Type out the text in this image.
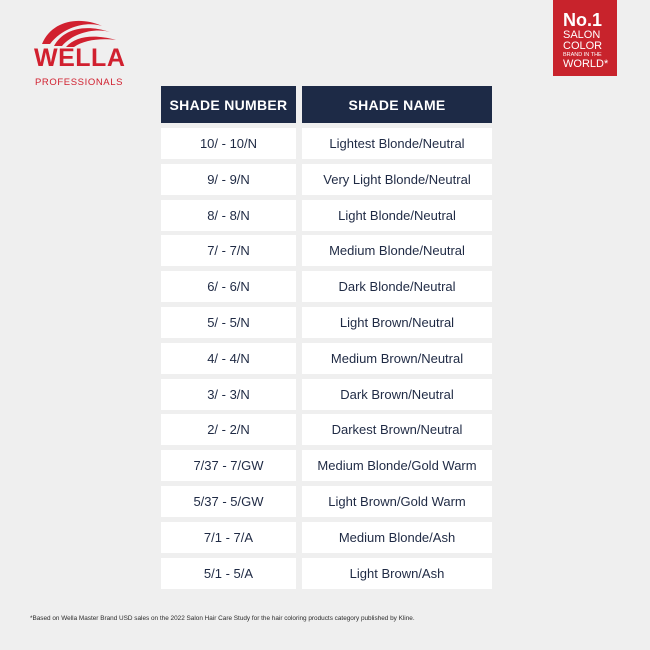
WELLA
PROFESSIONALS
No.1
SALON
COLOR
BRAND IN THE
WORLD*
SHADE NUMBER	SHADE NAME
10/ - 10/N	Lightest Blonde/Neutral
9/ - 9/N	Very Light Blonde/Neutral
8/ - 8/N	Light Blonde/Neutral
7/ - 7/N	Medium Blonde/Neutral
6/ - 6/N	Dark Blonde/Neutral
5/ - 5/N	Light Brown/Neutral
4/ - 4/N	Medium Brown/Neutral
3/ - 3/N	Dark Brown/Neutral
2/ - 2/N	Darkest Brown/Neutral
7/37 - 7/GW	Medium Blonde/Gold Warm
5/37 - 5/GW	Light Brown/Gold Warm
7/1 - 7/A	Medium Blonde/Ash
5/1 - 5/A	Light Brown/Ash
*Based on Wella Master Brand USD sales on the 2022 Salon Hair Care Study for the hair coloring products category published by Kline.
